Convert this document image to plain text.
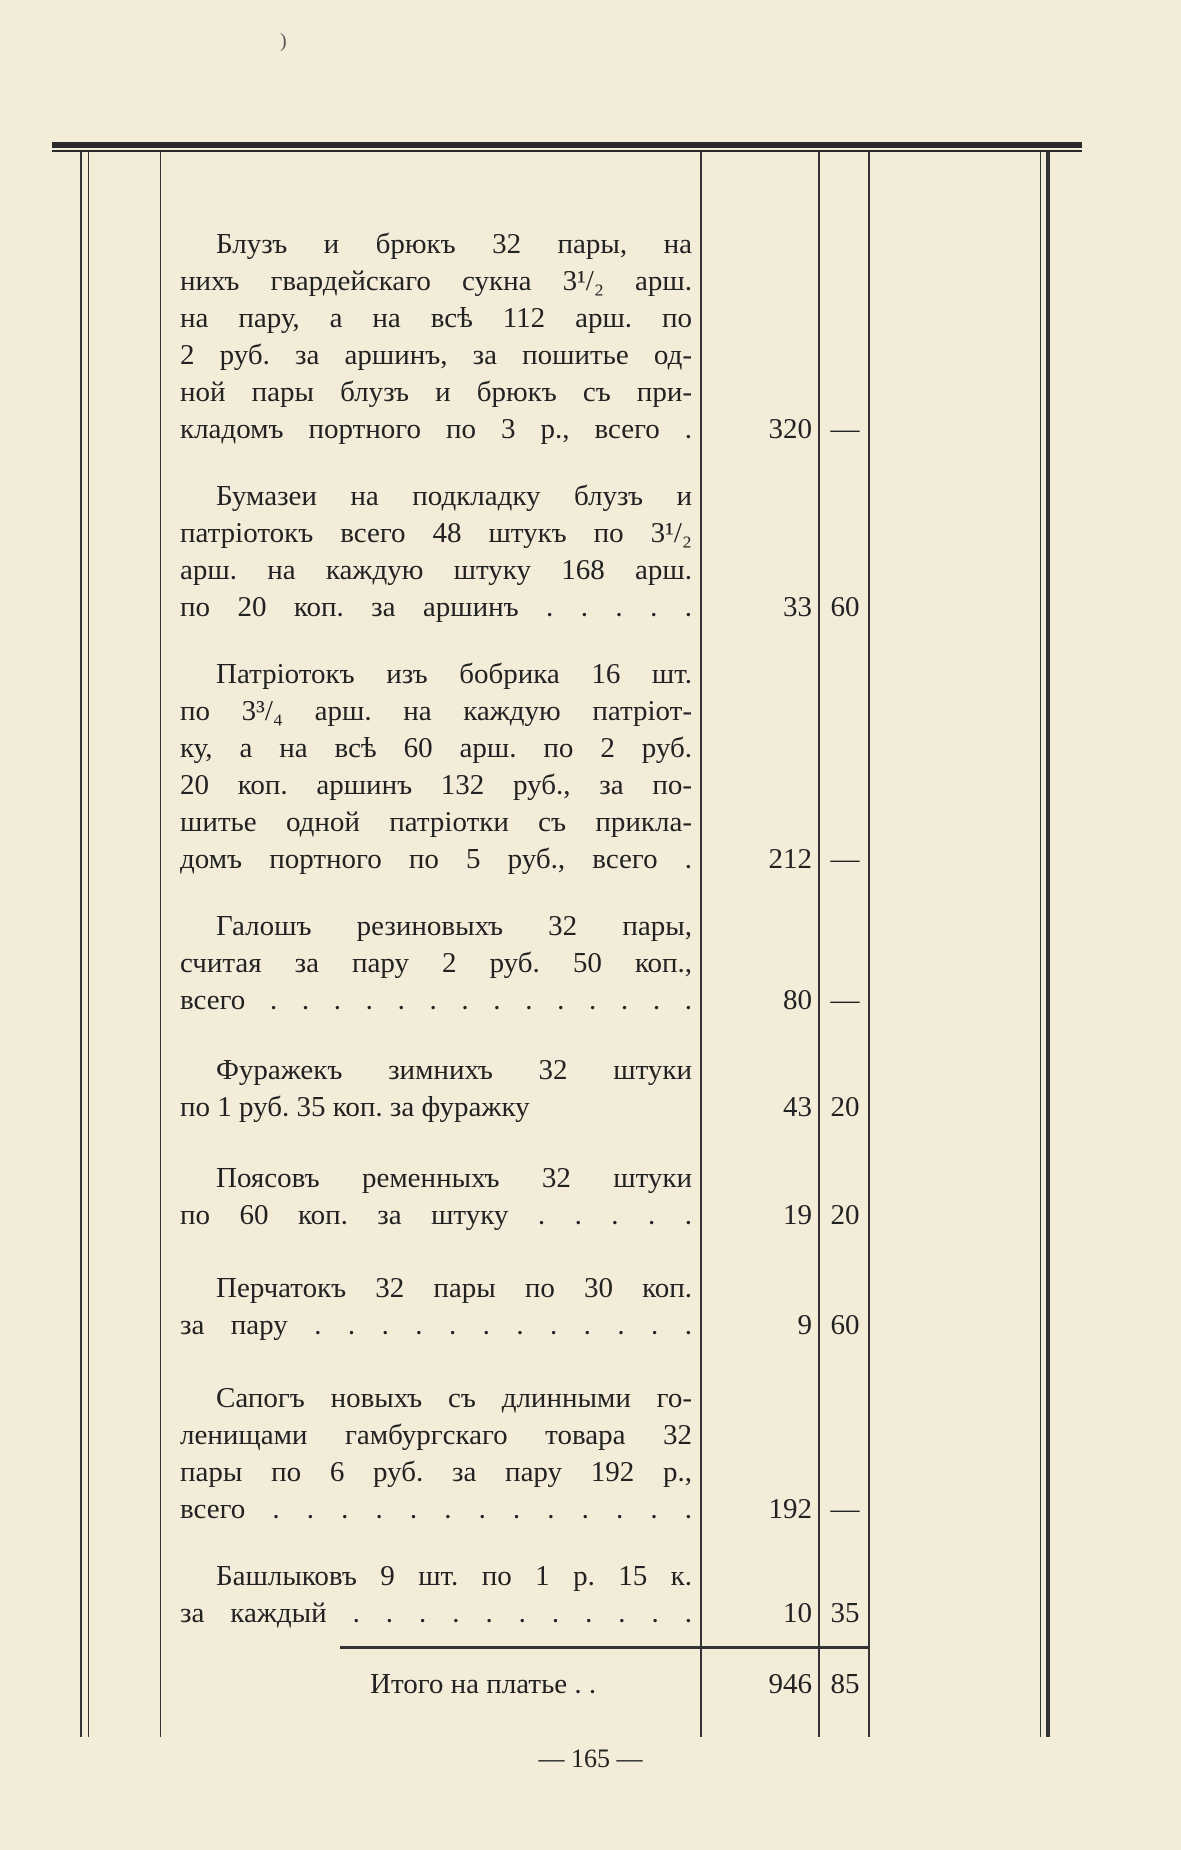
)
Блузъ и брюкъ 32 пары, на
нихъ гвардейскаго сукна 3¹/₂ арш.
на пару, а на всѣ 112 арш. по
2 руб. за аршинъ, за пошитье од-
ной пары блузъ и брюкъ съ при-
кладомъ портного по 3 р., всего .	320 —
Бумазеи на подкладку блузъ и
патріотокъ всего 48 штукъ по 3¹/₂
арш. на каждую штуку 168 арш.
по 20 коп. за аршинъ . . . . .	33 60
Патріотокъ изъ бобрика 16 шт.
по 3³/₄ арш. на каждую патріот-
ку, а на всѣ 60 арш. по 2 руб.
20 коп. аршинъ 132 руб., за по-
шитье одной патріотки съ прикла-
домъ портного по 5 руб., всего .	212 —
Галошъ резиновыхъ 32 пары,
считая за пару 2 руб. 50 коп.,
всего . . . . . . . . . . . . . .	80 —
Фуражекъ зимнихъ 32 штуки
по 1 руб. 35 коп. за фуражку	43 20
Поясовъ ременныхъ 32 штуки
по 60 коп. за штуку . . . . .	19 20
Перчатокъ 32 пары по 30 коп.
за пару . . . . . . . . . . . .	9 60
Сапогъ новыхъ съ длинными го-
ленищами гамбургскаго товара 32
пары по 6 руб. за пару 192 р.,
всего . . . . . . . . . . . . .	192 —
Башлыковъ 9 шт. по 1 р. 15 к.
за каждый . . . . . . . . . . .	10 35
Итого на платье . .	946 85
— 165 —
